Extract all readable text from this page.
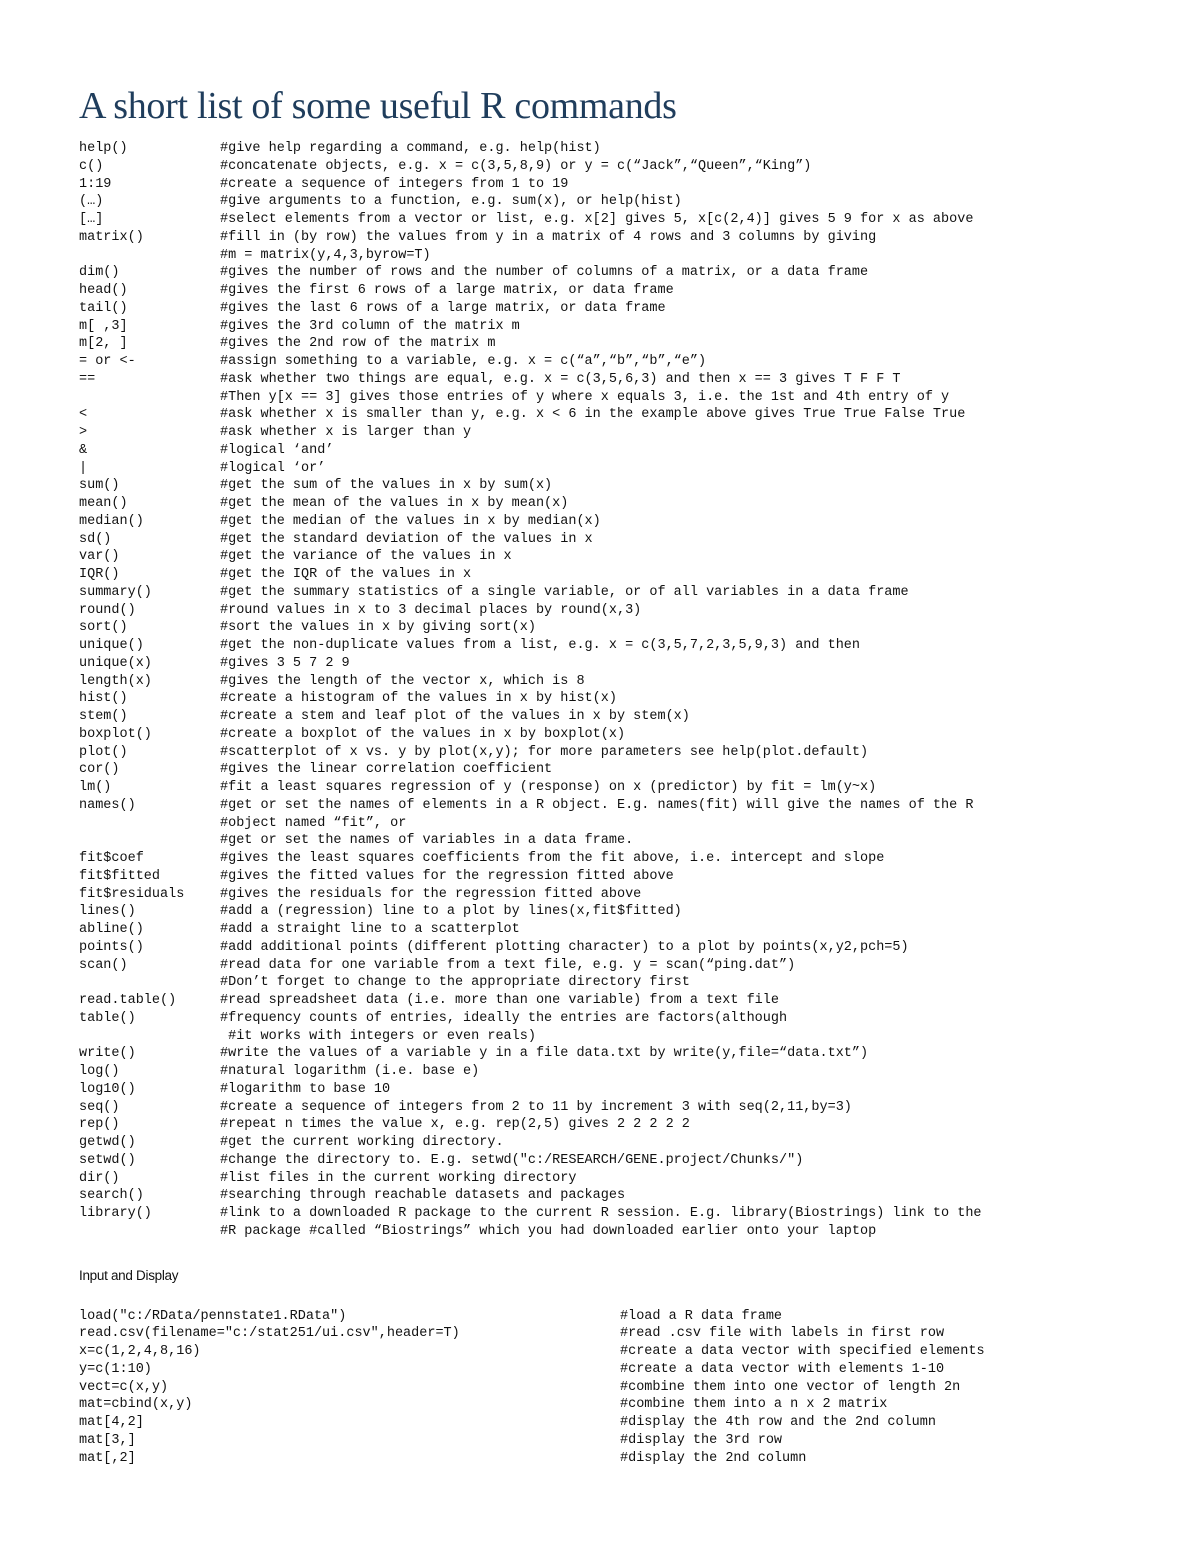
A short list of some useful R commands
help()	#give help regarding a command, e.g. help(hist)
c()	#concatenate objects, e.g. x = c(3,5,8,9) or y = c(“Jack”,“Queen”,“King”)
1:19	#create a sequence of integers from 1 to 19
(…)	#give arguments to a function, e.g. sum(x), or help(hist)
[…]	#select elements from a vector or list, e.g. x[2] gives 5, x[c(2,4)] gives 5 9 for x as above
matrix()	#fill in (by row) the values from y in a matrix of 4 rows and 3 columns by giving
	#m = matrix(y,4,3,byrow=T)
dim()	#gives the number of rows and the number of columns of a matrix, or a data frame
head()	#gives the first 6 rows of a large matrix, or data frame
tail()	#gives the last 6 rows of a large matrix, or data frame
m[ ,3]	#gives the 3rd column of the matrix m
m[2, ]	#gives the 2nd row of the matrix m
= or <-	#assign something to a variable, e.g. x = c(“a”,“b”,“b”,“e”)
==	#ask whether two things are equal, e.g. x = c(3,5,6,3) and then x == 3 gives T F F T
	#Then y[x == 3] gives those entries of y where x equals 3, i.e. the 1st and 4th entry of y
<	#ask whether x is smaller than y, e.g. x < 6 in the example above gives True True False True
>	#ask whether x is larger than y
&	#logical ‘and’
|	#logical ‘or’
sum()	#get the sum of the values in x by sum(x)
mean()	#get the mean of the values in x by mean(x)
median()	#get the median of the values in x by median(x)
sd()	#get the standard deviation of the values in x
var()	#get the variance of the values in x
IQR()	#get the IQR of the values in x
summary()	#get the summary statistics of a single variable, or of all variables in a data frame
round()	#round values in x to 3 decimal places by round(x,3)
sort()	#sort the values in x by giving sort(x)
unique()	#get the non-duplicate values from a list, e.g. x = c(3,5,7,2,3,5,9,3) and then
unique(x)	#gives 3 5 7 2 9
length(x)	#gives the length of the vector x, which is 8
hist()	#create a histogram of the values in x by hist(x)
stem()	#create a stem and leaf plot of the values in x by stem(x)
boxplot()	#create a boxplot of the values in x by boxplot(x)
plot()	#scatterplot of x vs. y by plot(x,y); for more parameters see help(plot.default)
cor()	#gives the linear correlation coefficient
lm()	#fit a least squares regression of y (response) on x (predictor) by fit = lm(y~x)
names()	#get or set the names of elements in a R object. E.g. names(fit) will give the names of the R
	#object named “fit”, or
	#get or set the names of variables in a data frame.
fit$coef	#gives the least squares coefficients from the fit above, i.e. intercept and slope
fit$fitted	#gives the fitted values for the regression fitted above
fit$residuals	#gives the residuals for the regression fitted above
lines()	#add a (regression) line to a plot by lines(x,fit$fitted)
abline()	#add a straight line to a scatterplot
points()	#add additional points (different plotting character) to a plot by points(x,y2,pch=5)
scan()	#read data for one variable from a text file, e.g. y = scan(“ping.dat”)
	#Don’t forget to change to the appropriate directory first
read.table()	#read spreadsheet data (i.e. more than one variable) from a text file
table()	#frequency counts of entries, ideally the entries are factors(although
	#it works with integers or even reals)
write()	#write the values of a variable y in a file data.txt by write(y,file=“data.txt”)
log()	#natural logarithm (i.e. base e)
log10()	#logarithm to base 10
seq()	#create a sequence of integers from 2 to 11 by increment 3 with seq(2,11,by=3)
rep()	#repeat n times the value x, e.g. rep(2,5) gives 2 2 2 2 2
getwd()	#get the current working directory.
setwd()	#change the directory to. E.g. setwd("c:/RESEARCH/GENE.project/Chunks/")
dir()	#list files in the current working directory
search()	#searching through reachable datasets and packages
library()	#link to a downloaded R package to the current R session. E.g. library(Biostrings) link to the
	#R package #called “Biostrings” which you had downloaded earlier onto your laptop
Input and Display
load("c:/RData/pennstate1.RData")	#load a R data frame
read.csv(filename="c:/stat251/ui.csv",header=T)	#read .csv file with labels in first row
x=c(1,2,4,8,16)	#create a data vector with specified elements
y=c(1:10)	#create a data vector with elements 1-10
vect=c(x,y)	#combine them into one vector of length 2n
mat=cbind(x,y)	#combine them into a n x 2 matrix
mat[4,2]	#display the 4th row and the 2nd column
mat[3,]	#display the 3rd row
mat[,2]	#display the 2nd column
